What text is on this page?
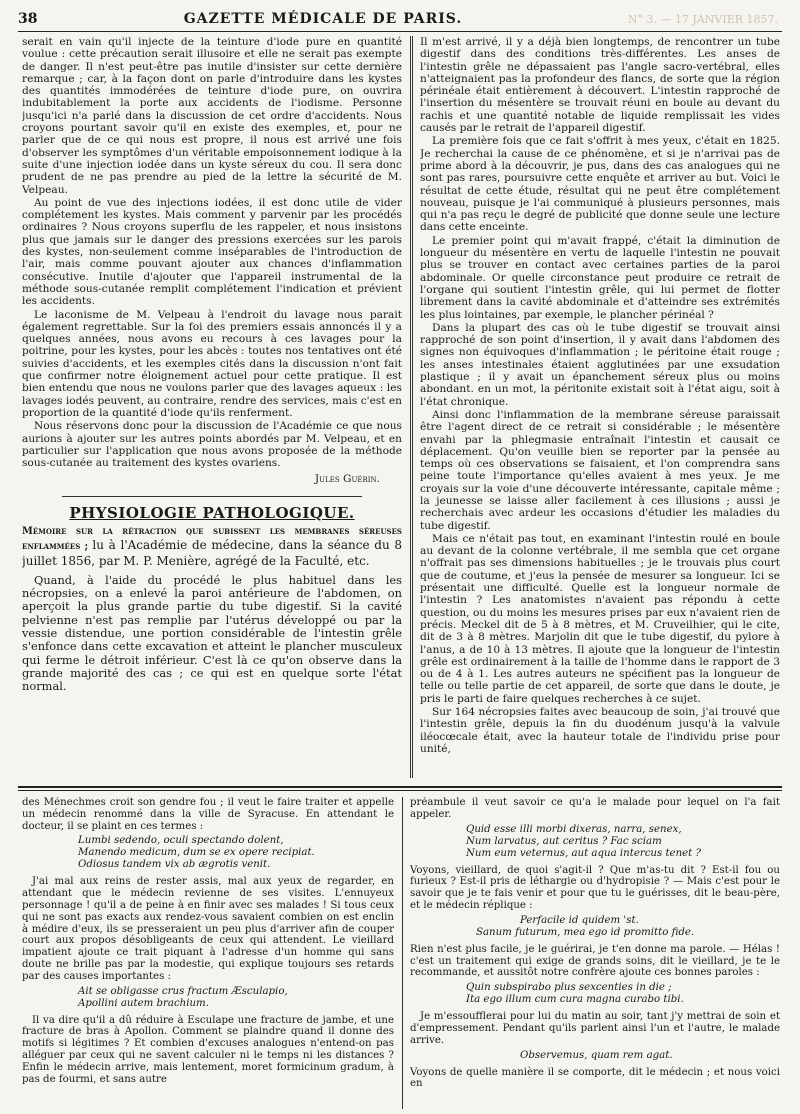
38	GAZETTE MÉDICALE DE PARIS.	N° 3. — 17 JANVIER 1857.

serait en vain qu'il injecte de la teinture d'iode pure en quantité voulue : cette précaution serait illusoire et elle ne serait pas exempte de danger. Il n'est peut-être pas inutile d'insister sur cette dernière remarque ; car, à la façon dont on parle d'introduire dans les kystes des quantités immodérées de teinture d'iode pure, on ouvrira indubitablement la porte aux accidents de l'iodisme. Personne jusqu'ici n'a parlé dans la discussion de cet ordre d'accidents. Nous croyons pourtant savoir qu'il en existe des exemples, et, pour ne parler que de ce qui nous est propre, il nous est arrivé une fois d'observer les symptômes d'un véritable empoisonnement iodique à la suite d'une injection iodée dans un kyste séreux du cou. Il sera donc prudent de ne pas prendre au pied de la lettre la sécurité de M. Velpeau.

Au point de vue des injections iodées, il est donc utile de vider complétement les kystes. Mais comment y parvenir par les procédés ordinaires ? Nous croyons superflu de les rappeler, et nous insistons plus que jamais sur le danger des pressions exercées sur les parois des kystes, non-seulement comme inséparables de l'introduction de l'air, mais comme pouvant ajouter aux chances d'inflammation consécutive. Inutile d'ajouter que l'appareil instrumental de la méthode sous-cutanée remplit complétement l'indication et prévient les accidents.

Le laconisme de M. Velpeau à l'endroit du lavage nous parait également regrettable. Sur la foi des premiers essais annoncés il y a quelques années, nous avons eu recours à ces lavages pour la poitrine, pour les kystes, pour les abcès : toutes nos tentatives ont été suivies d'accidents, et les exemples cités dans la discussion n'ont fait que confirmer notre éloignement actuel pour cette pratique. Il est bien entendu que nous ne voulons parler que des lavages aqueux : les lavages iodés peuvent, au contraire, rendre des services, mais c'est en proportion de la quantité d'iode qu'ils renferment.

Nous réservons donc pour la discussion de l'Académie ce que nous aurions à ajouter sur les autres points abordés par M. Velpeau, et en particulier sur l'application que nous avons proposée de la méthode sous-cutanée au traitement des kystes ovariens.

Jules Guérin.
PHYSIOLOGIE PATHOLOGIQUE.

Mémoire sur la rétraction que subissent les membranes séreuses enflammées ; lu à l'Académie de médecine, dans la séance du 8 juillet 1856, par M. P. Menière, agrégé de la Faculté, etc.

Quand, à l'aide du procédé le plus habituel dans les nécropsies, on a enlevé la paroi antérieure de l'abdomen, on aperçoit la plus grande partie du tube digestif. Si la cavité pelvienne n'est pas remplie par l'utérus développé ou par la vessie distendue, une portion considérable de l'intestin grêle s'enfonce dans cette excavation et atteint le plancher musculeux qui ferme le détroit inférieur. C'est là ce qu'on observe dans la grande majorité des cas ; ce qui est en quelque sorte l'état normal.

Il m'est arrivé, il y a déjà bien longtemps, de rencontrer un tube digestif dans des conditions très-différentes. Les anses de l'intestin grêle ne dépassaient pas l'angle sacro-vertébral, elles n'atteignaient pas la profondeur des flancs, de sorte que la région périnéale était entièrement à découvert. L'intestin rapproché de l'insertion du mésentère se trouvait réuni en boule au devant du rachis et une quantité notable de liquide remplissait les vides causés par le retrait de l'appareil digestif.

La première fois que ce fait s'offrit à mes yeux, c'était en 1825. Je recherchai la cause de ce phénomène, et si je n'arrivai pas de prime abord à la découvrir, je pus, dans des cas analogues qui ne sont pas rares, poursuivre cette enquête et arriver au but. Voici le résultat de cette étude, résultat qui ne peut être complétement nouveau, puisque je l'ai communiqué à plusieurs personnes, mais qui n'a pas reçu le degré de publicité que donne seule une lecture dans cette enceinte.

Le premier point qui m'avait frappé, c'était la diminution de longueur du mésentère en vertu de laquelle l'intestin ne pouvait plus se trouver en contact avec certaines parties de la paroi abdominale. Or quelle circonstance peut produire ce retrait de l'organe qui soutient l'intestin grêle, qui lui permet de flotter librement dans la cavité abdominale et d'atteindre ses extrémités les plus lointaines, par exemple, le plancher périnéal ?

Dans la plupart des cas où le tube digestif se trouvait ainsi rapproché de son point d'insertion, il y avait dans l'abdomen des signes non équivoques d'inflammation ; le péritoine était rouge ; les anses intestinales étaient agglutinées par une exsudation plastique ; il y avait un épanchement séreux plus ou moins abondant. en un mot, la péritonite existait soit à l'état aigu, soit à l'état chronique.

Ainsi donc l'inflammation de la membrane séreuse paraissait être l'agent direct de ce retrait si considérable ; le mésentère envahi par la phlegmasie entraînait l'intestin et causait ce déplacement. Qu'on veuille bien se reporter par la pensée au temps où ces observations se faisaient, et l'on comprendra sans peine toute l'importance qu'elles avaient à mes yeux. Je me croyais sur la voie d'une découverte intéressante, capitale même ; la jeunesse se laisse aller facilement à ces illusions ; aussi je recherchais avec ardeur les occasions d'étudier les maladies du tube digestif.

Mais ce n'était pas tout, en examinant l'intestin roulé en boule au devant de la colonne vertébrale, il me sembla que cet organe n'offrait pas ses dimensions habituelles ; je le trouvais plus court que de coutume, et j'eus la pensée de mesurer sa longueur. Ici se présentait une difficulté. Quelle est la longueur normale de l'intestin ? Les anatomistes n'avaient pas répondu à cette question, ou du moins les mesures prises par eux n'avaient rien de précis. Meckel dit de 5 à 8 mètres, et M. Cruveilhier, qui le cite, dit de 3 à 8 mètres. Marjolin dit que le tube digestif, du pylore à l'anus, a de 10 à 13 mètres. Il ajoute que la longueur de l'intestin grêle est ordinairement à la taille de l'homme dans le rapport de 3 ou de 4 à 1. Les autres auteurs ne spécifient pas la longueur de telle ou telle partie de cet appareil, de sorte que dans le doute, je pris le parti de faire quelques recherches à ce sujet.

Sur 164 nécropsies faites avec beaucoup de soin, j'ai trouvé que l'intestin grêle, depuis la fin du duodénum jusqu'à la valvule iléocœcale était, avec la hauteur totale de l'individu prise pour unité,

des Ménechmes croit son gendre fou ; il veut le faire traiter et appelle un médecin renommé dans la ville de Syracuse. En attendant le docteur, il se plaint en ces termes :

Lumbi sedendo, oculi spectando dolent,
Manendo medicum, dum se ex opere recipiat.
Odiosus tandem vix ab ægrotis venit.

J'ai mal aux reins de rester assis, mal aux yeux de regarder, en attendant que le médecin revienne de ses visites. L'ennuyeux personnage ! qu'il a de peine à en finir avec ses malades ! Si tous ceux qui ne sont pas exacts aux rendez-vous savaient combien on est enclin à médire d'eux, ils se presseraient un peu plus d'arriver afin de couper court aux propos désobligeants de ceux qui attendent. Le vieillard impatient ajoute ce trait piquant à l'adresse d'un homme qui sans doute ne brille pas par la modestie, qui explique toujours ses retards par des causes importantes :

Ait se obligasse crus fractum Æsculapio,
Apollini autem brachium.

Il va dire qu'il a dû réduire à Esculape une fracture de jambe, et une fracture de bras à Apollon. Comment se plaindre quand il donne des motifs si légitimes ? Et combien d'excuses analogues n'entend-on pas alléguer par ceux qui ne savent calculer ni le temps ni les distances ? Enfin le médecin arrive, mais lentement, moret formicinum gradum, à pas de fourmi, et sans autre

préambule il veut savoir ce qu'a le malade pour lequel on l'a fait appeler.

Quid esse illi morbi dixeras, narra, senex,
Num larvatus, aut ceritus ? Fac sciam
Num eum veternus, aut aqua intercus tenet ?

Voyons, vieillard, de quoi s'agit-il ? Que m'as-tu dit ? Est-il fou ou furieux ? Est-il pris de léthargie ou d'hydropisie ? — Mais c'est pour le savoir que je te fais venir et pour que tu le guérisses, dit le beau-père, et le médecin réplique :

Perfacile id quidem 'st.
Sanum futurum, mea ego id promitto fide.

Rien n'est plus facile, je le guérirai, je t'en donne ma parole. — Hélas ! c'est un traitement qui exige de grands soins, dit le vieillard, je te le recommande, et aussitôt notre confrère ajoute ces bonnes paroles :

Quin subspirabo plus sexcenties in die ;
Ita ego illum cum cura magna curabo tibi.

Je m'essoufflerai pour lui du matin au soir, tant j'y mettrai de soin et d'empressement. Pendant qu'ils parlent ainsi l'un et l'autre, le malade arrive.

Observemus, quam rem agat.

Voyons de quelle manière il se comporte, dit le médecin ; et nous voici en
